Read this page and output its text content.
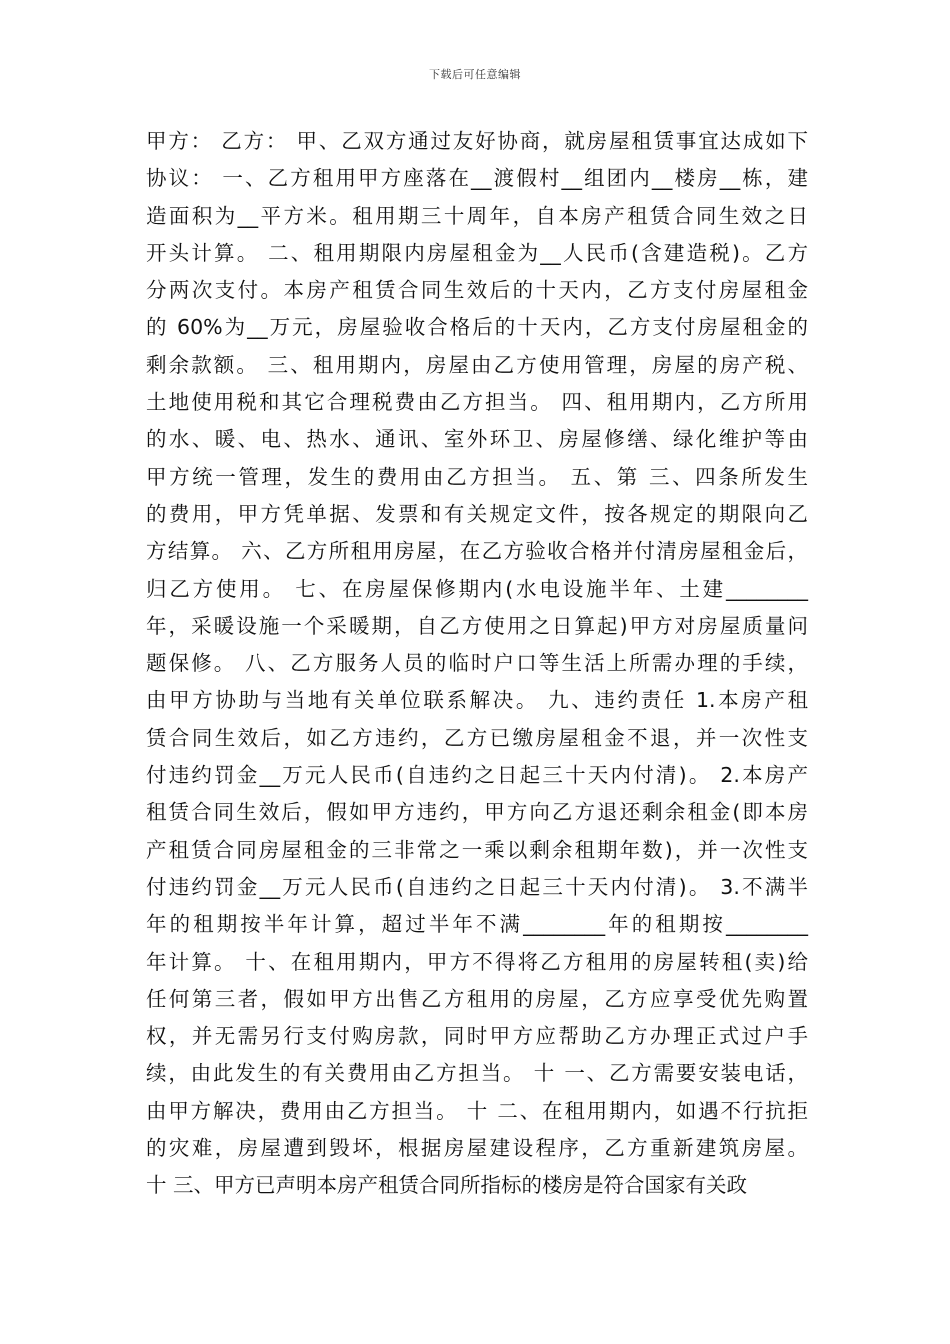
下载后可任意编辑
甲方： 乙方： 甲、乙双方通过友好协商，就房屋租赁事宜达成如下
协议： 一、乙方租用甲方座落在__渡假村__组团内__楼房__栋，建
造面积为__平方米。租用期三十周年，自本房产租赁合同生效之日
开头计算。 二、租用期限内房屋租金为__人民币(含建造税)。乙方
分两次支付。本房产租赁合同生效后的十天内，乙方支付房屋租金
的 60%为__万元，房屋验收合格后的十天内，乙方支付房屋租金的
剩余款额。 三、租用期内，房屋由乙方使用管理，房屋的房产税、
土地使用税和其它合理税费由乙方担当。 四、租用期内，乙方所用
的水、暖、电、热水、通讯、室外环卫、房屋修缮、绿化维护等由
甲方统一管理，发生的费用由乙方担当。 五、第 三、四条所发生
的费用，甲方凭单据、发票和有关规定文件，按各规定的期限向乙
方结算。 六、乙方所租用房屋，在乙方验收合格并付清房屋租金后，
归乙方使用。 七、在房屋保修期内(水电设施半年、土建________
年，采暖设施一个采暖期，自乙方使用之日算起)甲方对房屋质量问
题保修。 八、乙方服务人员的临时户口等生活上所需办理的手续，
由甲方协助与当地有关单位联系解决。 九、违约责任 1.本房产租
赁合同生效后，如乙方违约，乙方已缴房屋租金不退，并一次性支
付违约罚金__万元人民币(自违约之日起三十天内付清)。 2.本房产
租赁合同生效后，假如甲方违约，甲方向乙方退还剩余租金(即本房
产租赁合同房屋租金的三非常之一乘以剩余租期年数)，并一次性支
付违约罚金__万元人民币(自违约之日起三十天内付清)。 3.不满半
年的租期按半年计算，超过半年不满________年的租期按________
年计算。 十、在租用期内，甲方不得将乙方租用的房屋转租(卖)给
任何第三者，假如甲方出售乙方租用的房屋，乙方应享受优先购置
权，并无需另行支付购房款，同时甲方应帮助乙方办理正式过户手
续，由此发生的有关费用由乙方担当。 十 一、乙方需要安装电话，
由甲方解决，费用由乙方担当。 十 二、在租用期内，如遇不行抗拒
的灾难，房屋遭到毁坏，根据房屋建设程序，乙方重新建筑房屋。
十 三、甲方已声明本房产租赁合同所指标的楼房是符合国家有关政
